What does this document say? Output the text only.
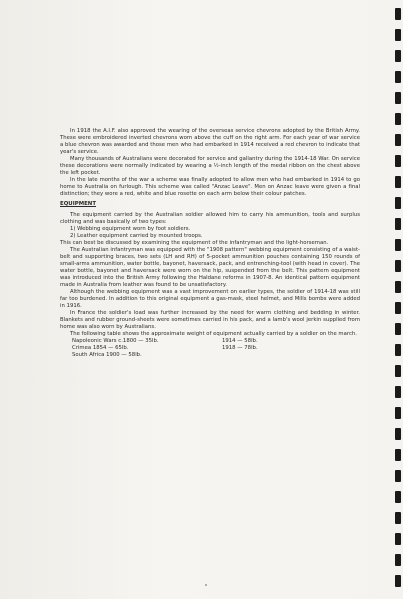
In 1918 the A.I.F. also approved the wearing of the overseas service chevrons adopted by the British Army. These were embroidered inverted chevrons worn above the cuff on the right arm. For each year of war service a blue chevron was awarded and those men who had embarked in 1914 received a red chevron to indicate that year's service.

Many thousands of Australians were decorated for service and gallantry during the 1914-18 War. On service these decorations were normally indicated by wearing a ½-inch length of the medal ribbon on the chest above the left pocket.

In the late months of the war a scheme was finally adopted to allow men who had embarked in 1914 to go home to Australia on furlough. This scheme was called "Anzac Leave". Men on Anzac leave were given a final distinction; they wore a red, white and blue rosette on each arm below their colour patches.

EQUIPMENT

The equipment carried by the Australian soldier allowed him to carry his ammunition, tools and surplus clothing and was basically of two types:

1) Webbing equipment worn by foot soldiers.
2) Leather equipment carried by mounted troops.

This can best be discussed by examining the equipment of the infantryman and the light-horseman.

The Australian infantryman was equipped with the "1908 pattern" webbing equipment consisting of a waist-belt and supporting braces, two sets (LH and RH) of 5-pocket ammunition pouches containing 150 rounds of small-arms ammunition, water bottle, bayonet, haversack, pack, and entrenching-tool (with head in cover). The water bottle, bayonet and haversack were worn on the hip, suspended from the belt. This pattern equipment was introduced into the British Army following the Haldane reforms in 1907-8. An identical pattern equipment made in Australia from leather was found to be unsatisfactory.

Although the webbing equipment was a vast improvement on earlier types, the soldier of 1914-18 was still far too burdened. In addition to this original equipment a gas-mask, steel helmet, and Mills bombs were added in 1916.

In France the soldier's load was further increased by the need for warm clothing and bedding in winter. Blankets and rubber ground-sheets were sometimes carried in his pack, and a lamb's wool jerkin supplied from home was also worn by Australians.

The following table shows the approximate weight of equipment actually carried by a soldier on the march.

Napoleonic Wars c.1800 — 35lb.	1914 — 58lb.
Crimea 1854 — 65lb.	1918 — 78lb.
South Africa 1900 — 58lb.
